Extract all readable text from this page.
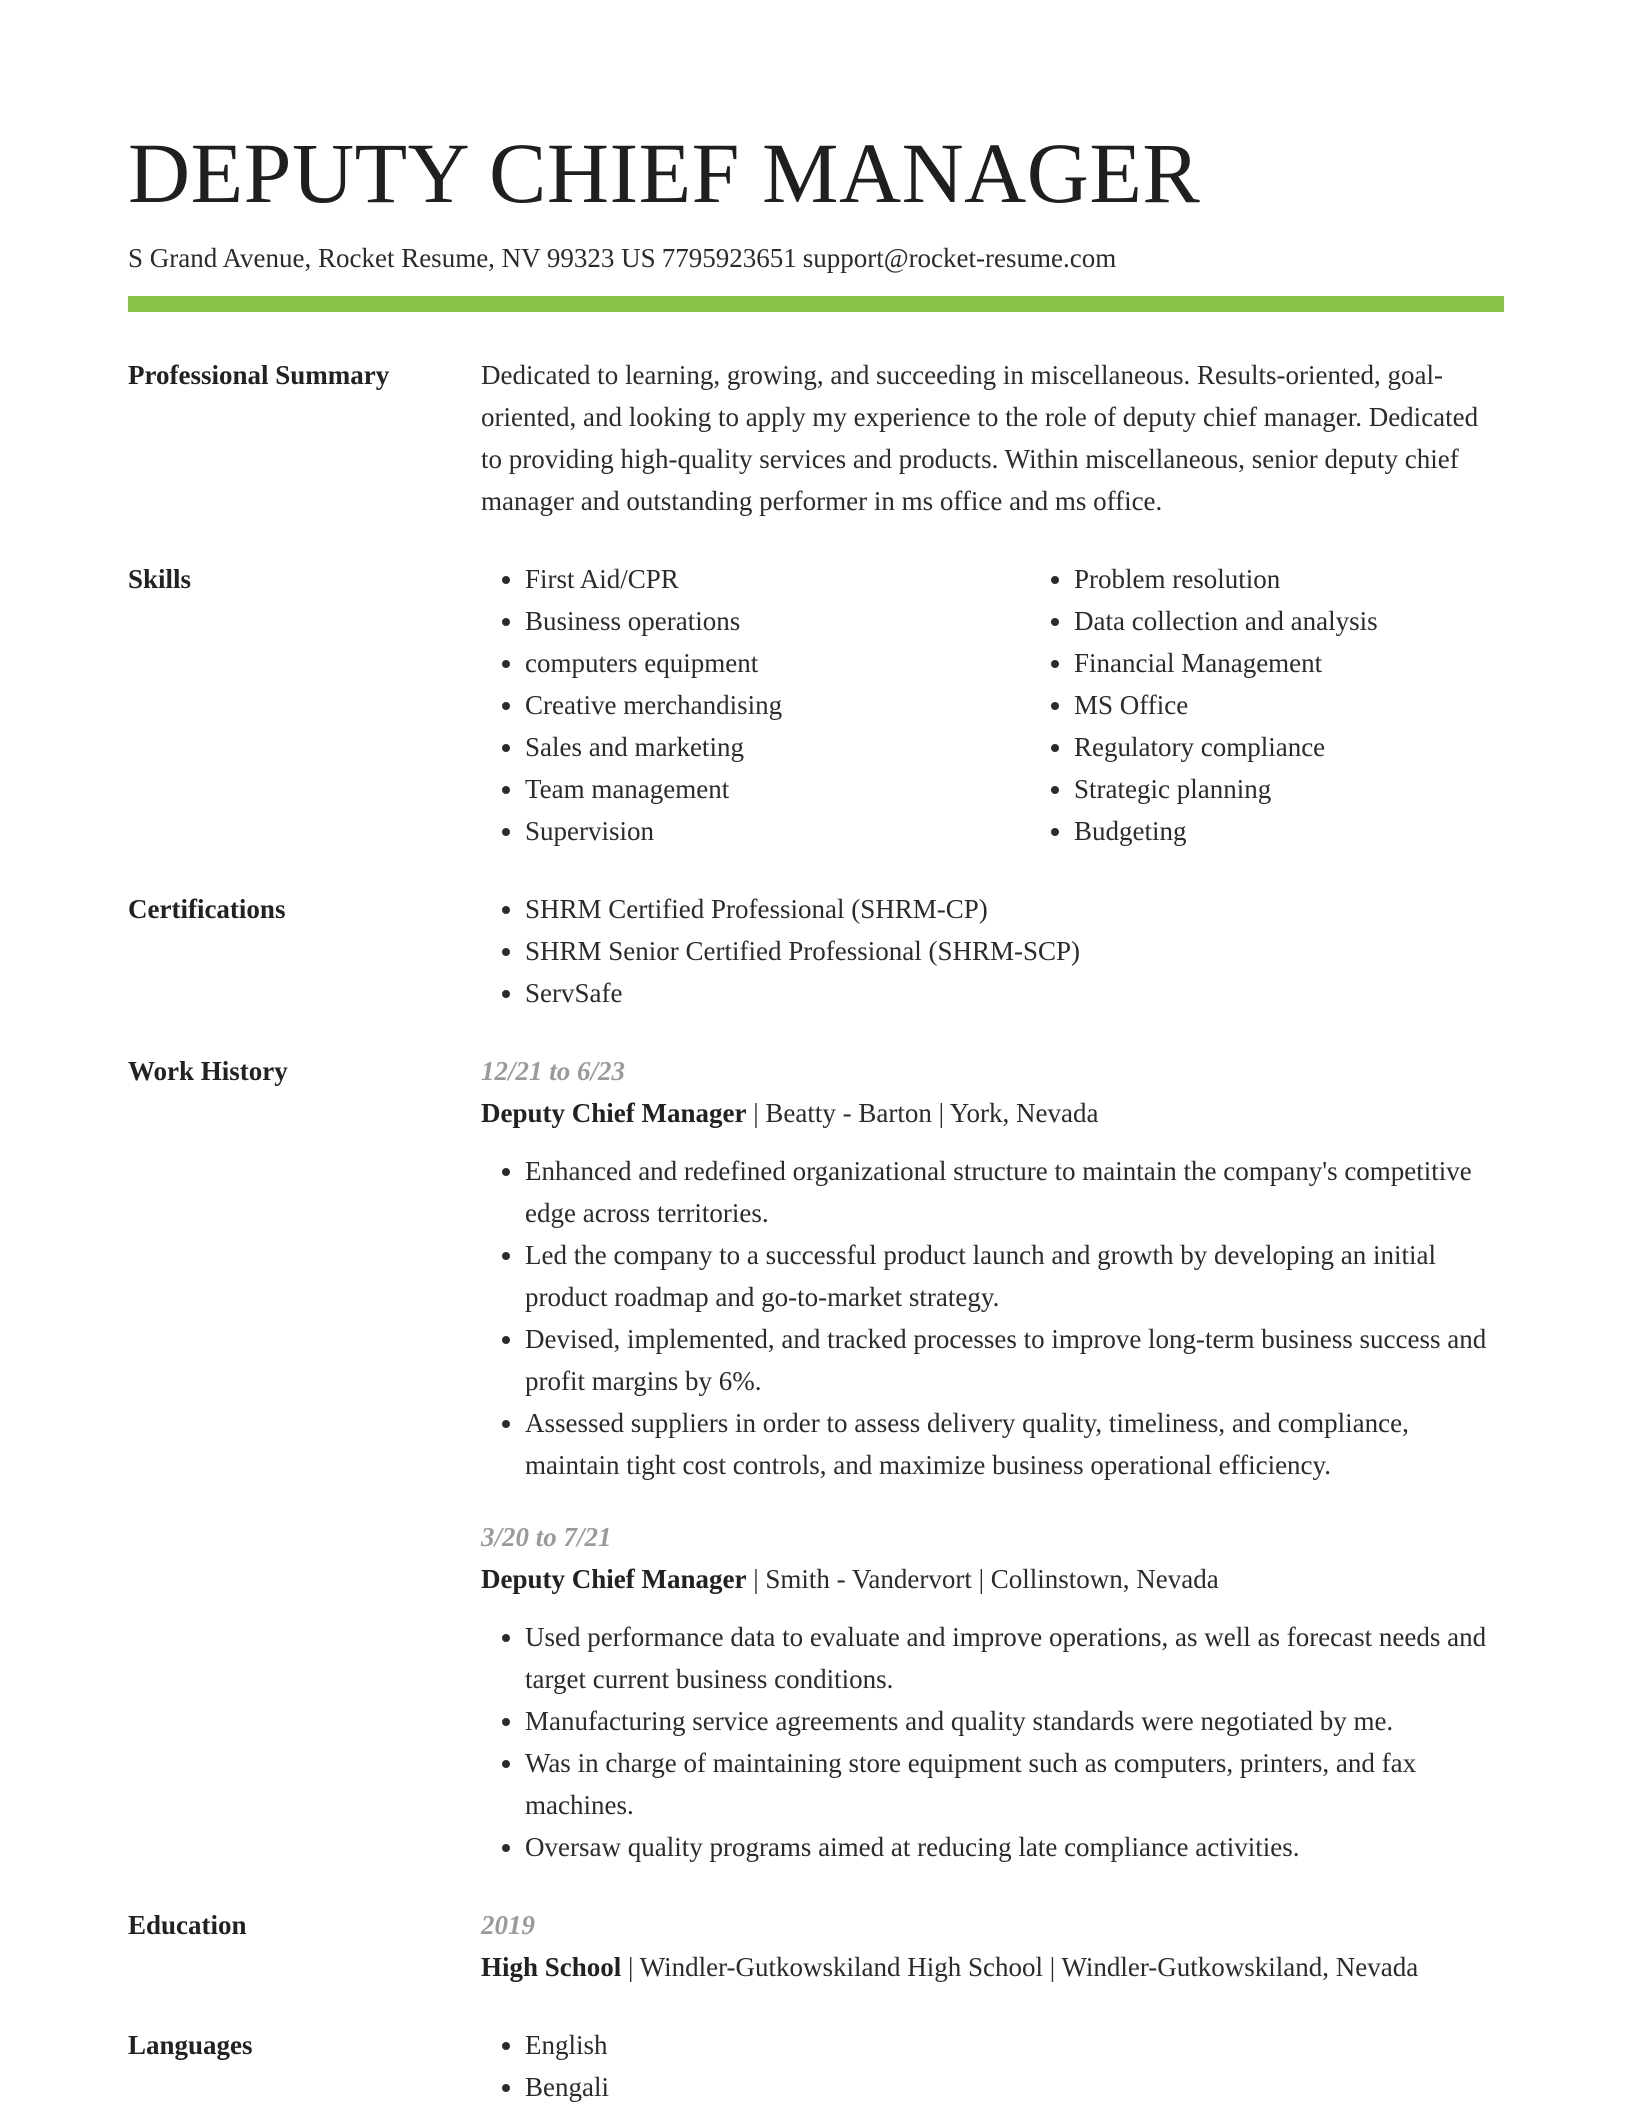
DEPUTY CHIEF MANAGER
S Grand Avenue, Rocket Resume, NV 99323 US 7795923651 support@rocket-resume.com
Professional Summary	Dedicated to learning, growing, and succeeding in miscellaneous. Results-oriented, goal-oriented, and looking to apply my experience to the role of deputy chief manager. Dedicated to providing high-quality services and products. Within miscellaneous, senior deputy chief manager and outstanding performer in ms office and ms office.

Skills	• First Aid/CPR
• Business operations
• computers equipment
• Creative merchandising
• Sales and marketing
• Team management
• Supervision
• Problem resolution
• Data collection and analysis
• Financial Management
• MS Office
• Regulatory compliance
• Strategic planning
• Budgeting
Certifications	• SHRM Certified Professional (SHRM-CP)
• SHRM Senior Certified Professional (SHRM-SCP)
• ServSafe
Work History	12/21 to 6/23
Deputy Chief Manager | Beatty - Barton | York, Nevada
• Enhanced and redefined organizational structure to maintain the company's competitive edge across territories.
• Led the company to a successful product launch and growth by developing an initial product roadmap and go-to-market strategy.
• Devised, implemented, and tracked processes to improve long-term business success and profit margins by 6%.
• Assessed suppliers in order to assess delivery quality, timeliness, and compliance, maintain tight cost controls, and maximize business operational efficiency.
3/20 to 7/21
Deputy Chief Manager | Smith - Vandervort | Collinstown, Nevada
• Used performance data to evaluate and improve operations, as well as forecast needs and target current business conditions.
• Manufacturing service agreements and quality standards were negotiated by me.
• Was in charge of maintaining store equipment such as computers, printers, and fax machines.
• Oversaw quality programs aimed at reducing late compliance activities.
Education	2019
High School | Windler-Gutkowskiland High School | Windler-Gutkowskiland, Nevada
Languages	• English
• Bengali
